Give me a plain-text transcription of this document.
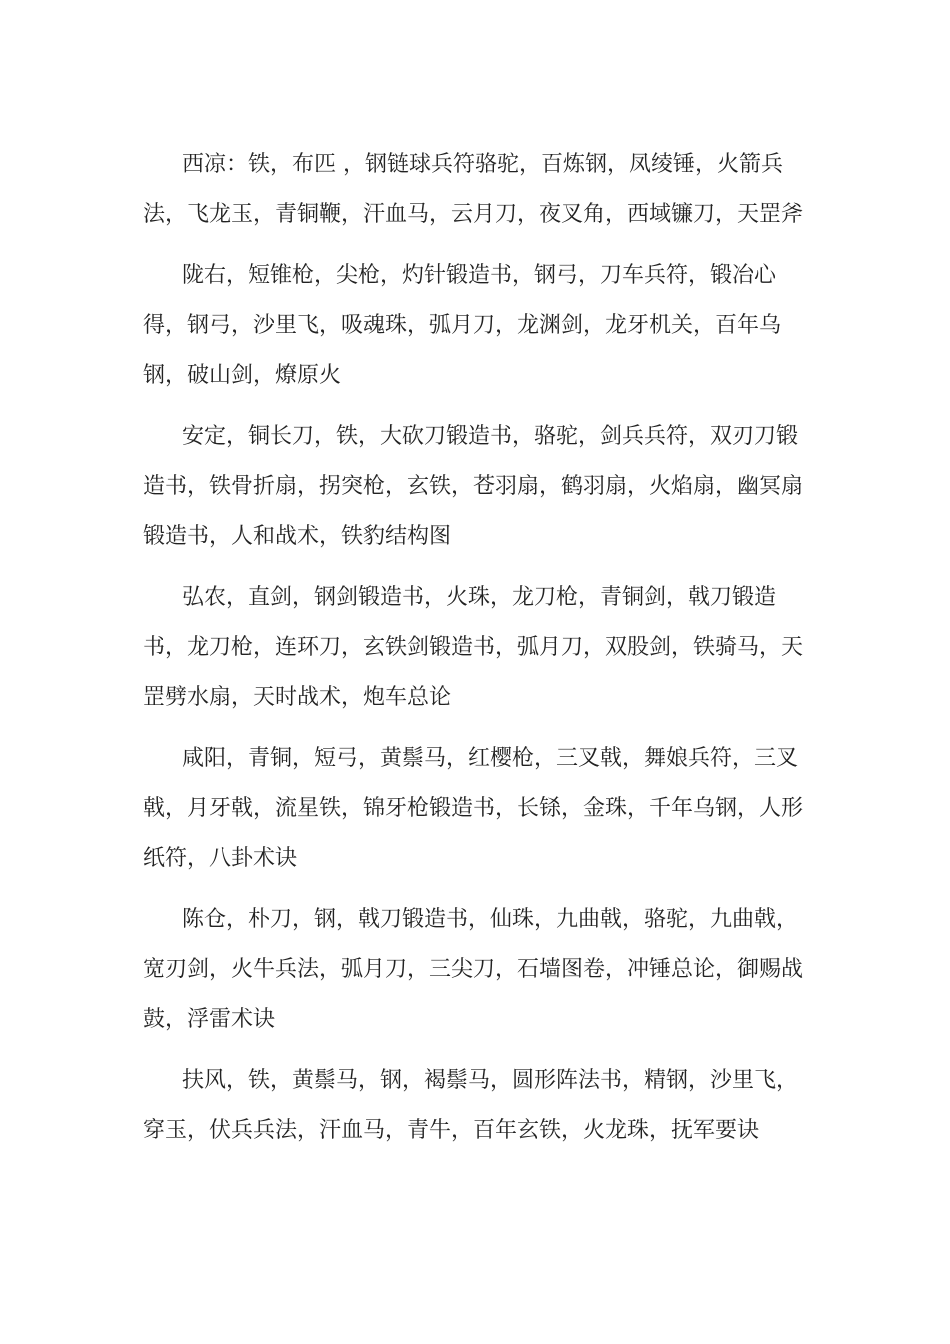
西凉：铁，布匹 ，钢链球兵符骆驼，百炼钢，凤绫锤，火箭兵法，飞龙玉，青铜鞭，汗血马，云月刀，夜叉角，西域镰刀，天罡斧

陇右，短锥枪，尖枪，灼针锻造书，钢弓，刀车兵符，锻冶心得，钢弓，沙里飞，吸魂珠，弧月刀，龙渊剑，龙牙机关，百年乌钢，破山剑，燎原火

安定，铜长刀，铁，大砍刀锻造书，骆驼，剑兵兵符，双刃刀锻造书，铁骨折扇，拐突枪，玄铁，苍羽扇，鹤羽扇，火焰扇，幽冥扇锻造书，人和战术，铁豹结构图

弘农，直剑，钢剑锻造书，火珠，龙刀枪，青铜剑，戟刀锻造书，龙刀枪，连环刀，玄铁剑锻造书，弧月刀，双股剑，铁骑马，天罡劈水扇，天时战术，炮车总论

咸阳，青铜，短弓，黄鬃马，红樱枪，三叉戟，舞娘兵符，三叉戟，月牙戟，流星铁，锦牙枪锻造书，长铩，金珠，千年乌钢，人形纸符，八卦术诀

陈仓，朴刀，钢，戟刀锻造书，仙珠，九曲戟，骆驼，九曲戟，宽刃剑，火牛兵法，弧月刀，三尖刀，石墙图卷，冲锤总论，御赐战鼓，浮雷术诀

扶风，铁，黄鬃马，钢，褐鬃马，圆形阵法书，精钢，沙里飞，穿玉，伏兵兵法，汗血马，青牛，百年玄铁，火龙珠，抚军要诀
